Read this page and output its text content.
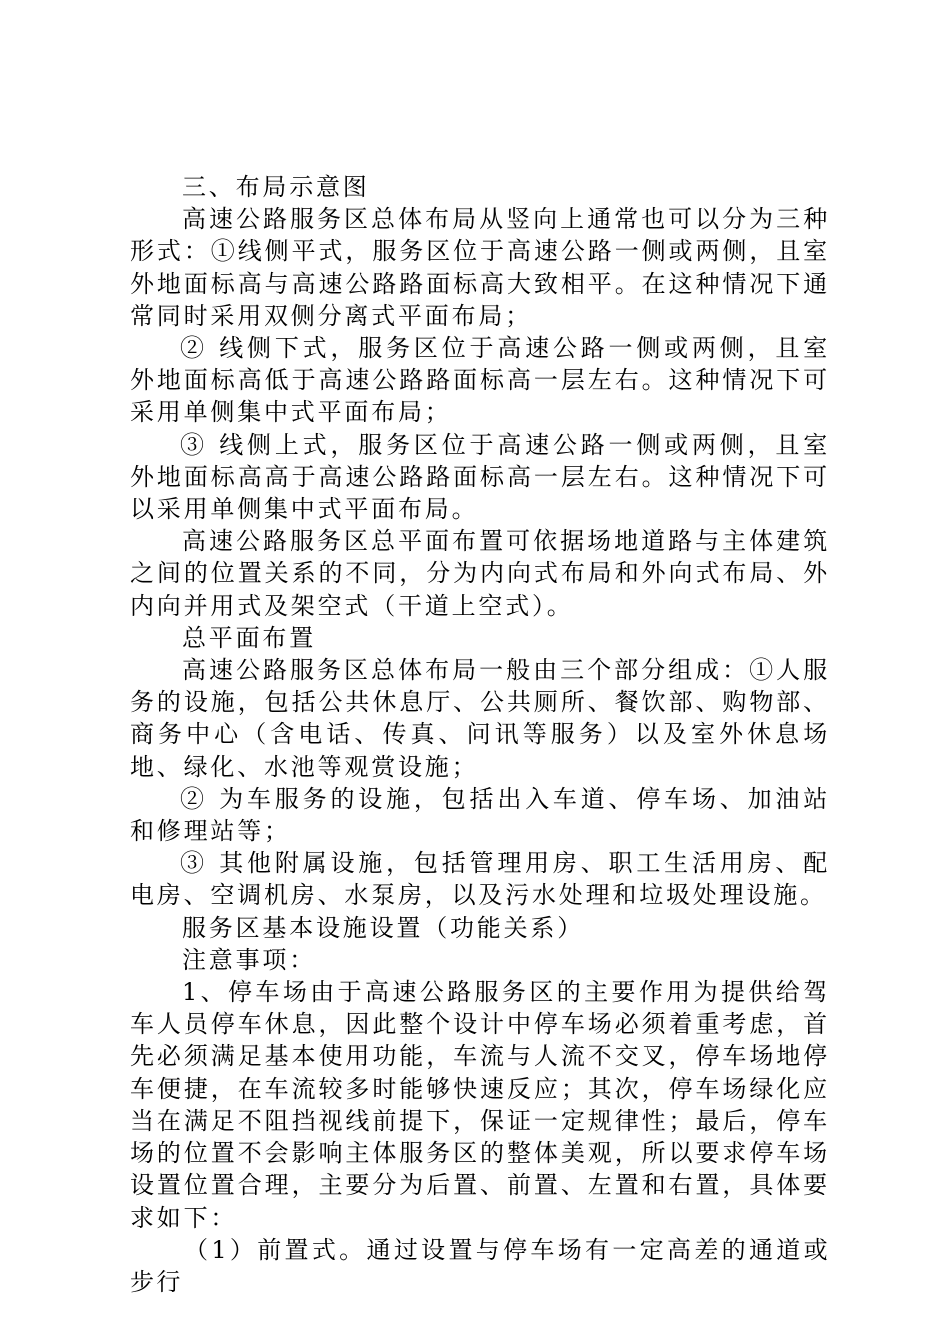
三、布局示意图

高速公路服务区总体布局从竖向上通常也可以分为三种形式：①线侧平式，服务区位于高速公路一侧或两侧，且室外地面标高与高速公路路面标高大致相平。在这种情况下通常同时采用双侧分离式平面布局；

② 线侧下式，服务区位于高速公路一侧或两侧，且室外地面标高低于高速公路路面标高一层左右。这种情况下可采用单侧集中式平面布局；

③ 线侧上式，服务区位于高速公路一侧或两侧，且室外地面标高高于高速公路路面标高一层左右。这种情况下可以采用单侧集中式平面布局。

高速公路服务区总平面布置可依据场地道路与主体建筑之间的位置关系的不同，分为内向式布局和外向式布局、外内向并用式及架空式（干道上空式）。

总平面布置

高速公路服务区总体布局一般由三个部分组成：①人服务的设施，包括公共休息厅、公共厕所、餐饮部、购物部、商务中心（含电话、传真、问讯等服务）以及室外休息场地、绿化、水池等观赏设施；

② 为车服务的设施，包括出入车道、停车场、加油站和修理站等；

③ 其他附属设施，包括管理用房、职工生活用房、配电房、空调机房、水泵房，以及污水处理和垃圾处理设施。

服务区基本设施设置（功能关系）

注意事项：

1、停车场由于高速公路服务区的主要作用为提供给驾车人员停车休息，因此整个设计中停车场必须着重考虑，首先必须满足基本使用功能，车流与人流不交叉，停车场地停车便捷，在车流较多时能够快速反应；其次，停车场绿化应当在满足不阻挡视线前提下，保证一定规律性；最后，停车场的位置不会影响主体服务区的整体美观，所以要求停车场设置位置合理，主要分为后置、前置、左置和右置，具体要求如下：

（1）前置式。通过设置与停车场有一定高差的通道或步行
